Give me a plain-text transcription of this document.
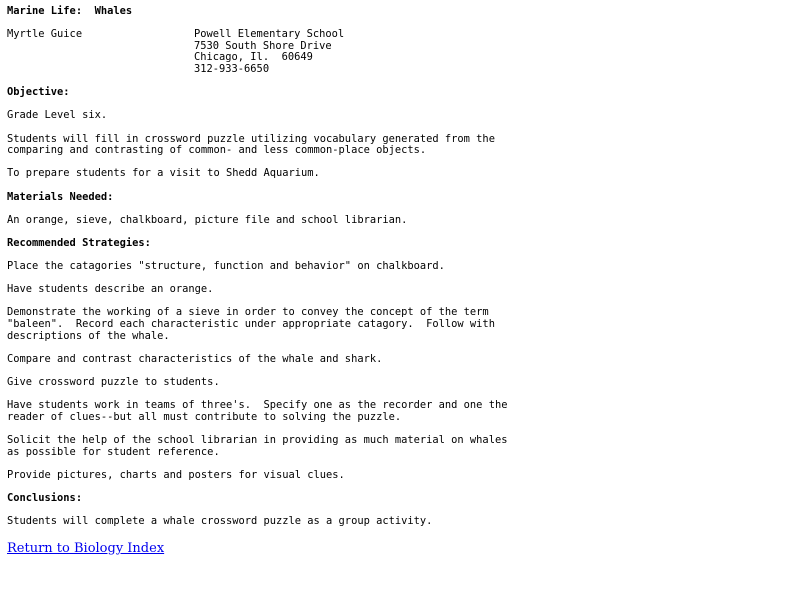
Marine Life:  Whales

Myrtle Guice	Powell Elementary School

7530 South Shore Drive

Chicago, Il.  60649

312-933-6650

Objective:

Grade Level six.

Students will fill in crossword puzzle utilizing vocabulary generated from the
comparing and contrasting of common- and less common-place objects.

To prepare students for a visit to Shedd Aquarium.

Materials Needed:

An orange, sieve, chalkboard, picture file and school librarian.

Recommended Strategies:

Place the catagories "structure, function and behavior" on chalkboard.

Have students describe an orange.

Demonstrate the working of a sieve in order to convey the concept of the term
"baleen".  Record each characteristic under appropriate catagory.  Follow with
descriptions of the whale.

Compare and contrast characteristics of the whale and shark.

Give crossword puzzle to students.

Have students work in teams of three's.  Specify one as the recorder and one the
reader of clues--but all must contribute to solving the puzzle.

Solicit the help of the school librarian in providing as much material on whales
as possible for student reference.

Provide pictures, charts and posters for visual clues.

Conclusions:

Students will complete a whale crossword puzzle as a group activity.

Return to Biology Index
